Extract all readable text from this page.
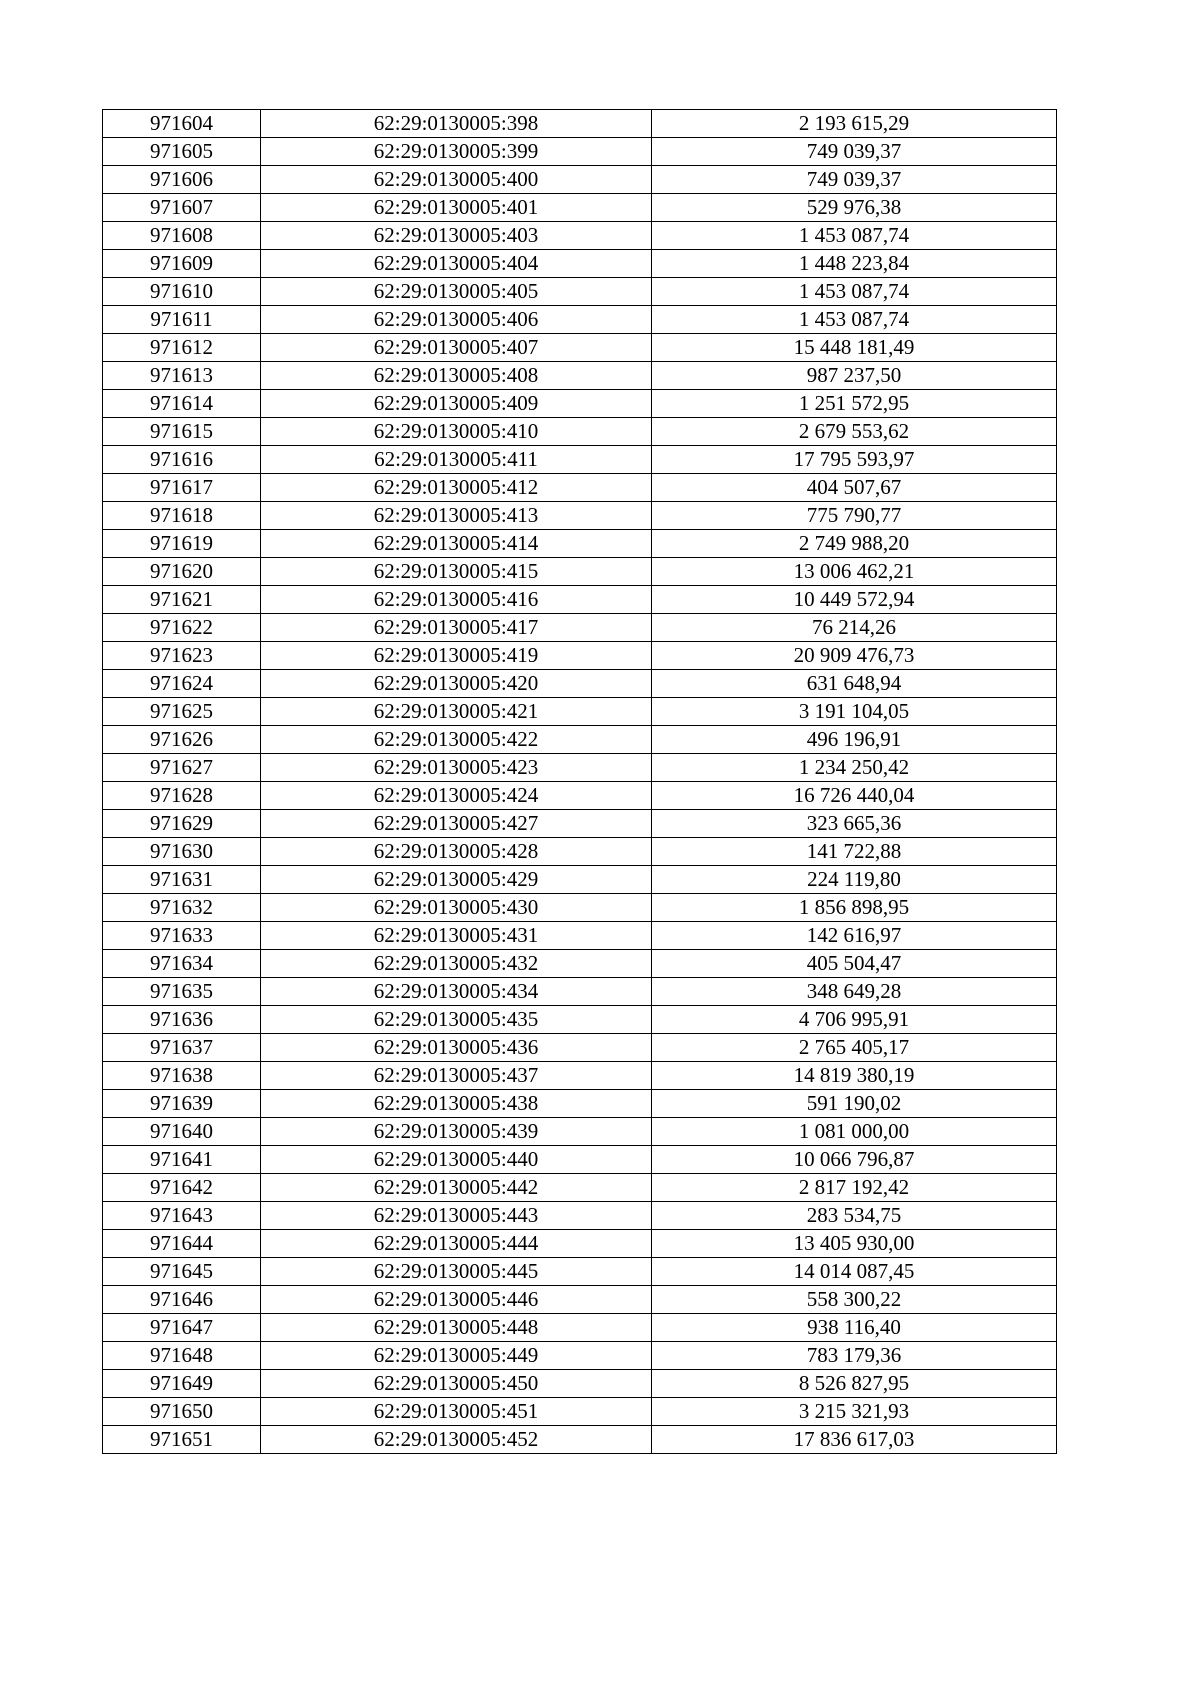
971604	62:29:0130005:398	2 193 615,29
971605	62:29:0130005:399	749 039,37
971606	62:29:0130005:400	749 039,37
971607	62:29:0130005:401	529 976,38
971608	62:29:0130005:403	1 453 087,74
971609	62:29:0130005:404	1 448 223,84
971610	62:29:0130005:405	1 453 087,74
971611	62:29:0130005:406	1 453 087,74
971612	62:29:0130005:407	15 448 181,49
971613	62:29:0130005:408	987 237,50
971614	62:29:0130005:409	1 251 572,95
971615	62:29:0130005:410	2 679 553,62
971616	62:29:0130005:411	17 795 593,97
971617	62:29:0130005:412	404 507,67
971618	62:29:0130005:413	775 790,77
971619	62:29:0130005:414	2 749 988,20
971620	62:29:0130005:415	13 006 462,21
971621	62:29:0130005:416	10 449 572,94
971622	62:29:0130005:417	76 214,26
971623	62:29:0130005:419	20 909 476,73
971624	62:29:0130005:420	631 648,94
971625	62:29:0130005:421	3 191 104,05
971626	62:29:0130005:422	496 196,91
971627	62:29:0130005:423	1 234 250,42
971628	62:29:0130005:424	16 726 440,04
971629	62:29:0130005:427	323 665,36
971630	62:29:0130005:428	141 722,88
971631	62:29:0130005:429	224 119,80
971632	62:29:0130005:430	1 856 898,95
971633	62:29:0130005:431	142 616,97
971634	62:29:0130005:432	405 504,47
971635	62:29:0130005:434	348 649,28
971636	62:29:0130005:435	4 706 995,91
971637	62:29:0130005:436	2 765 405,17
971638	62:29:0130005:437	14 819 380,19
971639	62:29:0130005:438	591 190,02
971640	62:29:0130005:439	1 081 000,00
971641	62:29:0130005:440	10 066 796,87
971642	62:29:0130005:442	2 817 192,42
971643	62:29:0130005:443	283 534,75
971644	62:29:0130005:444	13 405 930,00
971645	62:29:0130005:445	14 014 087,45
971646	62:29:0130005:446	558 300,22
971647	62:29:0130005:448	938 116,40
971648	62:29:0130005:449	783 179,36
971649	62:29:0130005:450	8 526 827,95
971650	62:29:0130005:451	3 215 321,93
971651	62:29:0130005:452	17 836 617,03
